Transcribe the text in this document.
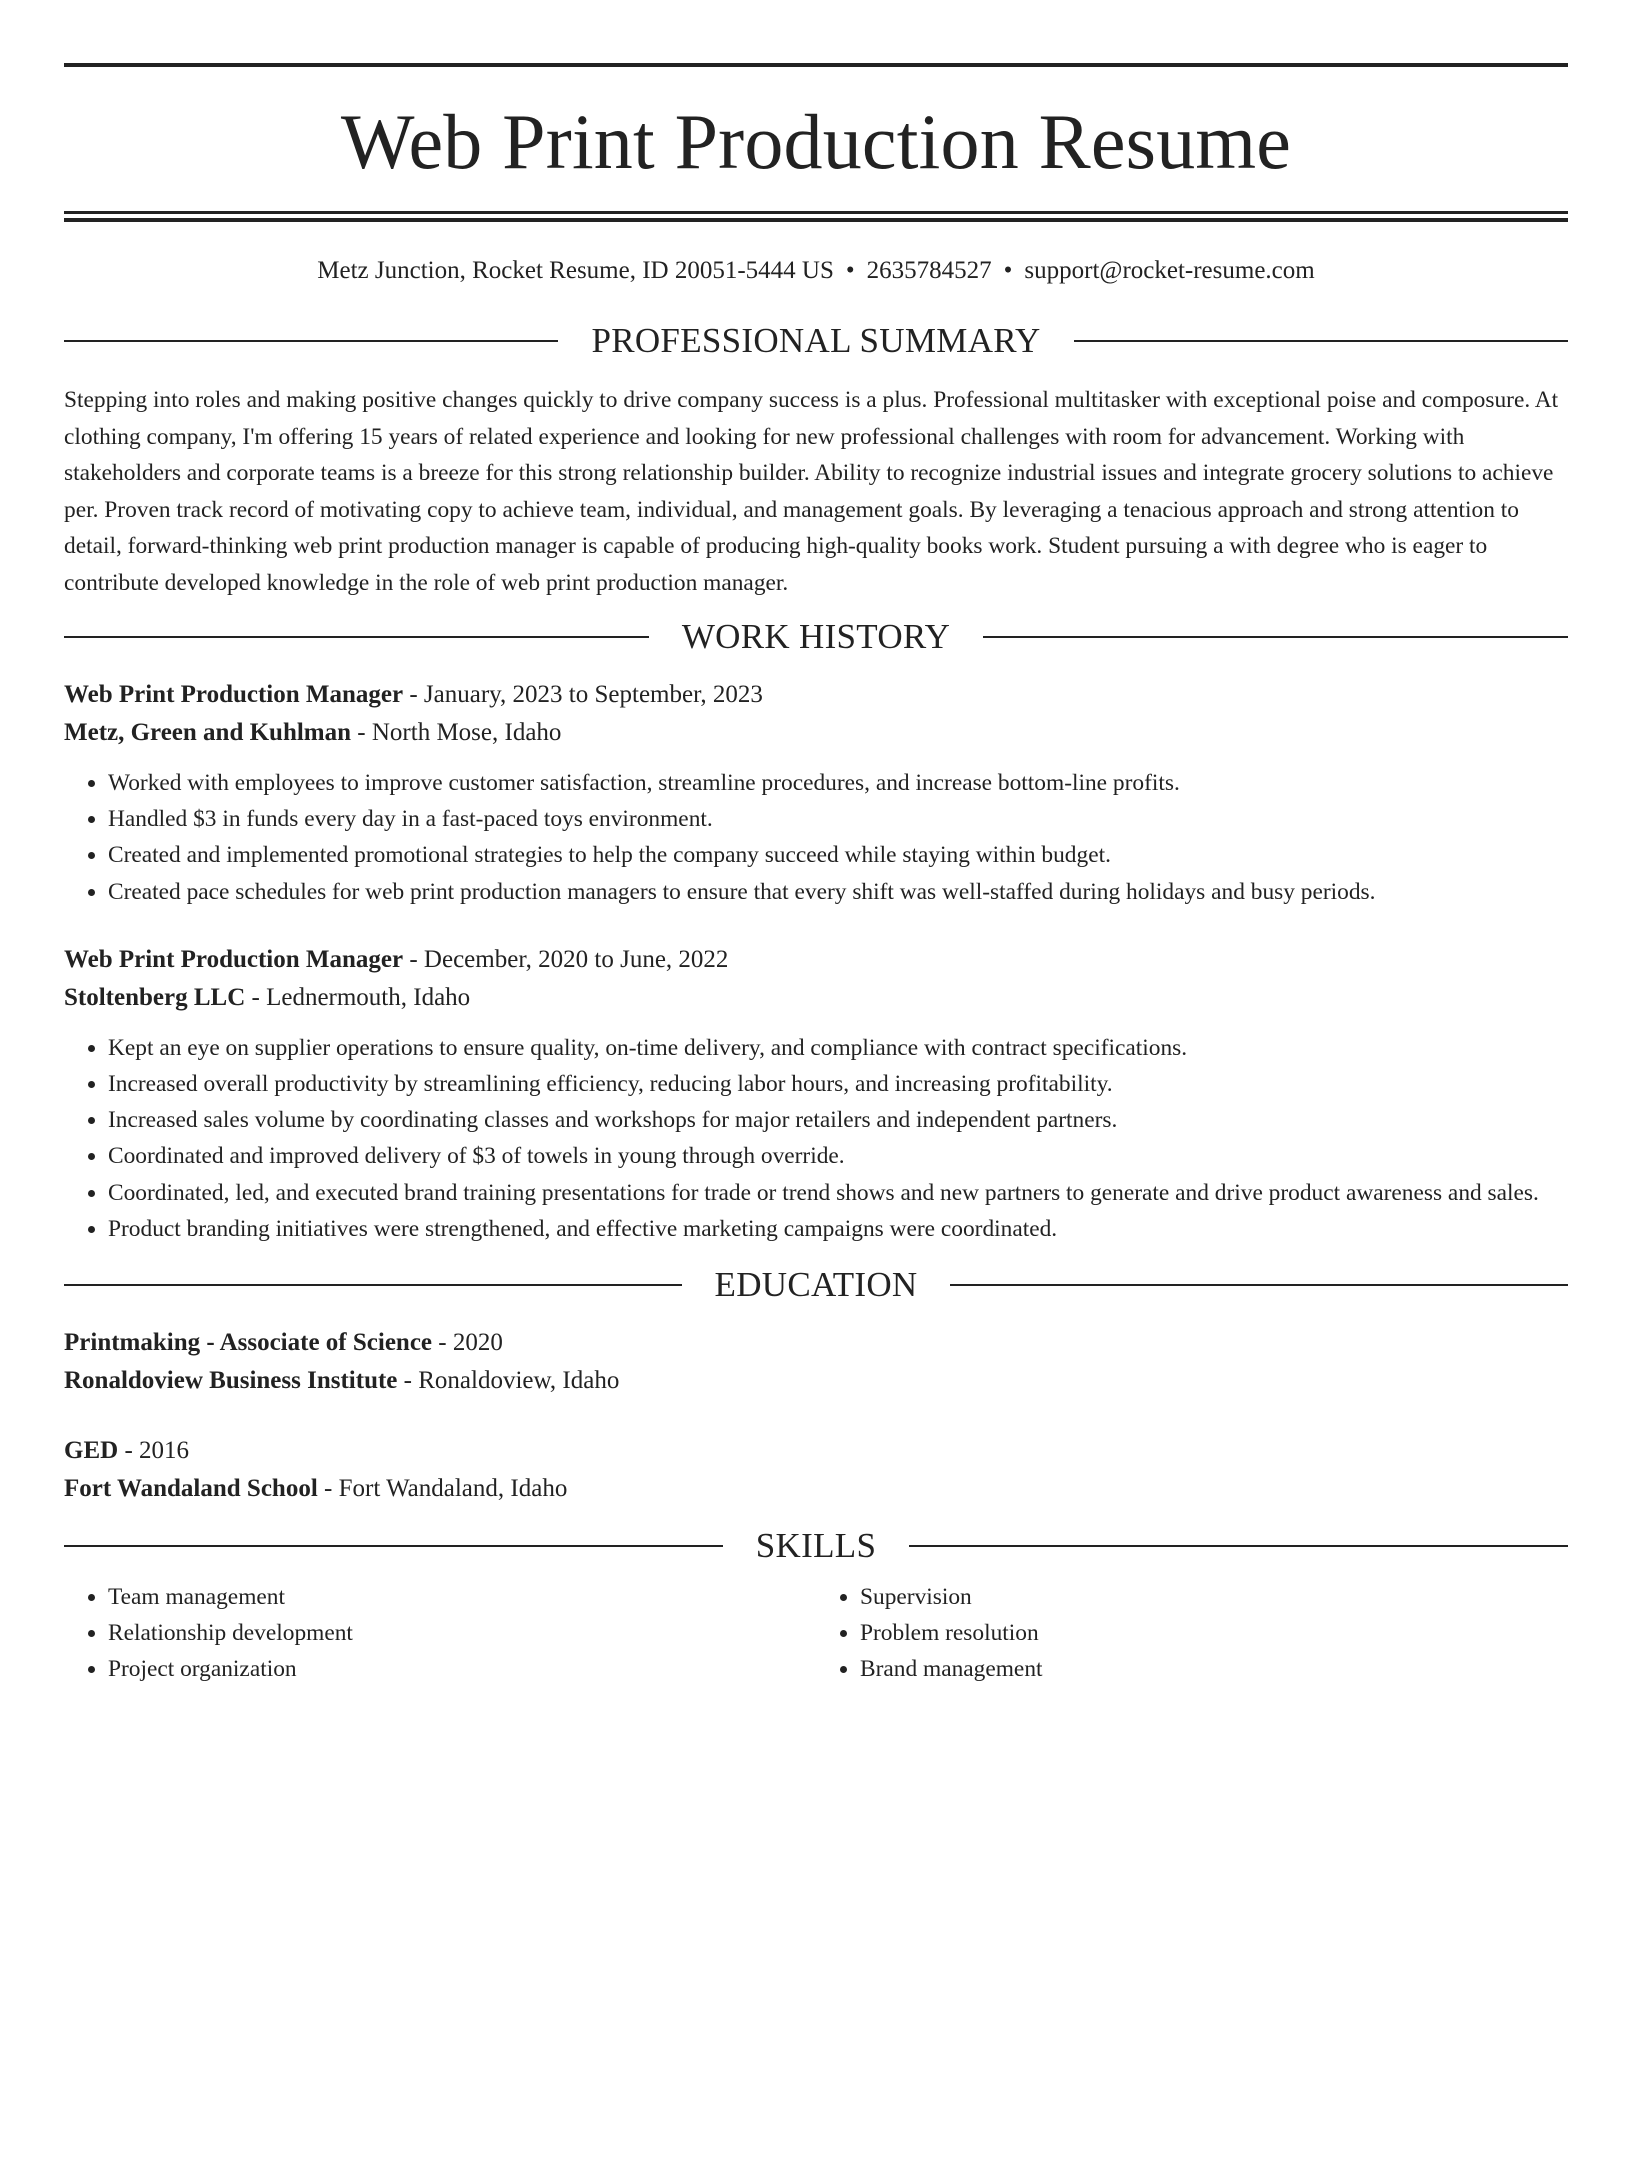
Web Print Production Resume
Metz Junction, Rocket Resume, ID 20051-5444 US • 2635784527 • support@rocket-resume.com
PROFESSIONAL SUMMARY
Stepping into roles and making positive changes quickly to drive company success is a plus. Professional multitasker with exceptional poise and composure. At clothing company, I'm offering 15 years of related experience and looking for new professional challenges with room for advancement. Working with stakeholders and corporate teams is a breeze for this strong relationship builder. Ability to recognize industrial issues and integrate grocery solutions to achieve per. Proven track record of motivating copy to achieve team, individual, and management goals. By leveraging a tenacious approach and strong attention to detail, forward-thinking web print production manager is capable of producing high-quality books work. Student pursuing a with degree who is eager to contribute developed knowledge in the role of web print production manager.
WORK HISTORY
Web Print Production Manager - January, 2023 to September, 2023
Metz, Green and Kuhlman - North Mose, Idaho
• Worked with employees to improve customer satisfaction, streamline procedures, and increase bottom-line profits.
• Handled $3 in funds every day in a fast-paced toys environment.
• Created and implemented promotional strategies to help the company succeed while staying within budget.
• Created pace schedules for web print production managers to ensure that every shift was well-staffed during holidays and busy periods.
Web Print Production Manager - December, 2020 to June, 2022
Stoltenberg LLC - Lednermouth, Idaho
• Kept an eye on supplier operations to ensure quality, on-time delivery, and compliance with contract specifications.
• Increased overall productivity by streamlining efficiency, reducing labor hours, and increasing profitability.
• Increased sales volume by coordinating classes and workshops for major retailers and independent partners.
• Coordinated and improved delivery of $3 of towels in young through override.
• Coordinated, led, and executed brand training presentations for trade or trend shows and new partners to generate and drive product awareness and sales.
• Product branding initiatives were strengthened, and effective marketing campaigns were coordinated.
EDUCATION
Printmaking - Associate of Science - 2020
Ronaldoview Business Institute - Ronaldoview, Idaho
GED - 2016
Fort Wandaland School - Fort Wandaland, Idaho
SKILLS
• Team management
• Relationship development
• Project organization
• Supervision
• Problem resolution
• Brand management
